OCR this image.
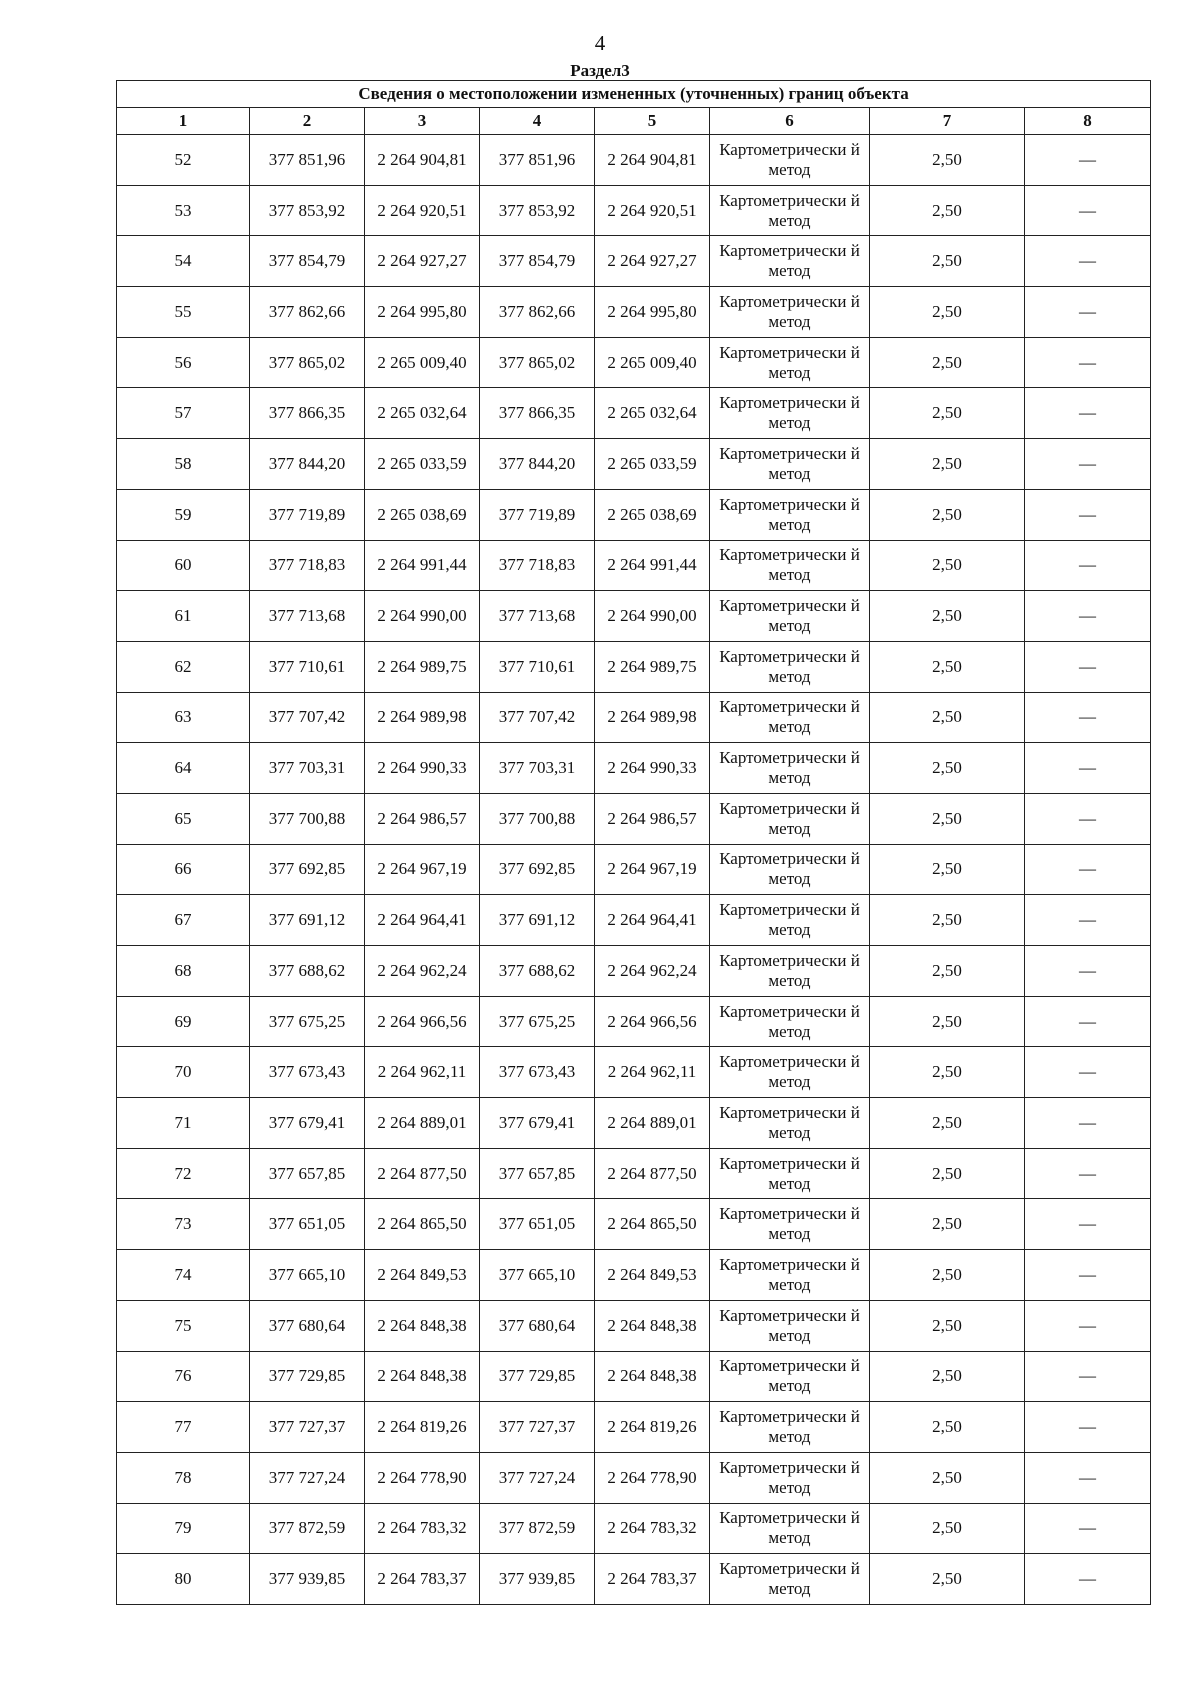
4
Раздел3
Сведения о местоположении измененных (уточненных) границ объекта							
1	2	3	4	5	6	7	8
52	377 851,96	2 264 904,81	377 851,96	2 264 904,81	Картометрически й метод	2,50	—
53	377 853,92	2 264 920,51	377 853,92	2 264 920,51	Картометрически й метод	2,50	—
54	377 854,79	2 264 927,27	377 854,79	2 264 927,27	Картометрически й метод	2,50	—
55	377 862,66	2 264 995,80	377 862,66	2 264 995,80	Картометрически й метод	2,50	—
56	377 865,02	2 265 009,40	377 865,02	2 265 009,40	Картометрически й метод	2,50	—
57	377 866,35	2 265 032,64	377 866,35	2 265 032,64	Картометрически й метод	2,50	—
58	377 844,20	2 265 033,59	377 844,20	2 265 033,59	Картометрически й метод	2,50	—
59	377 719,89	2 265 038,69	377 719,89	2 265 038,69	Картометрически й метод	2,50	—
60	377 718,83	2 264 991,44	377 718,83	2 264 991,44	Картометрически й метод	2,50	—
61	377 713,68	2 264 990,00	377 713,68	2 264 990,00	Картометрически й метод	2,50	—
62	377 710,61	2 264 989,75	377 710,61	2 264 989,75	Картометрически й метод	2,50	—
63	377 707,42	2 264 989,98	377 707,42	2 264 989,98	Картометрически й метод	2,50	—
64	377 703,31	2 264 990,33	377 703,31	2 264 990,33	Картометрически й метод	2,50	—
65	377 700,88	2 264 986,57	377 700,88	2 264 986,57	Картометрически й метод	2,50	—
66	377 692,85	2 264 967,19	377 692,85	2 264 967,19	Картометрически й метод	2,50	—
67	377 691,12	2 264 964,41	377 691,12	2 264 964,41	Картометрически й метод	2,50	—
68	377 688,62	2 264 962,24	377 688,62	2 264 962,24	Картометрически й метод	2,50	—
69	377 675,25	2 264 966,56	377 675,25	2 264 966,56	Картометрически й метод	2,50	—
70	377 673,43	2 264 962,11	377 673,43	2 264 962,11	Картометрически й метод	2,50	—
71	377 679,41	2 264 889,01	377 679,41	2 264 889,01	Картометрически й метод	2,50	—
72	377 657,85	2 264 877,50	377 657,85	2 264 877,50	Картометрически й метод	2,50	—
73	377 651,05	2 264 865,50	377 651,05	2 264 865,50	Картометрически й метод	2,50	—
74	377 665,10	2 264 849,53	377 665,10	2 264 849,53	Картометрически й метод	2,50	—
75	377 680,64	2 264 848,38	377 680,64	2 264 848,38	Картометрически й метод	2,50	—
76	377 729,85	2 264 848,38	377 729,85	2 264 848,38	Картометрически й метод	2,50	—
77	377 727,37	2 264 819,26	377 727,37	2 264 819,26	Картометрически й метод	2,50	—
78	377 727,24	2 264 778,90	377 727,24	2 264 778,90	Картометрически й метод	2,50	—
79	377 872,59	2 264 783,32	377 872,59	2 264 783,32	Картометрически й метод	2,50	—
80	377 939,85	2 264 783,37	377 939,85	2 264 783,37	Картометрически й метод	2,50	—
